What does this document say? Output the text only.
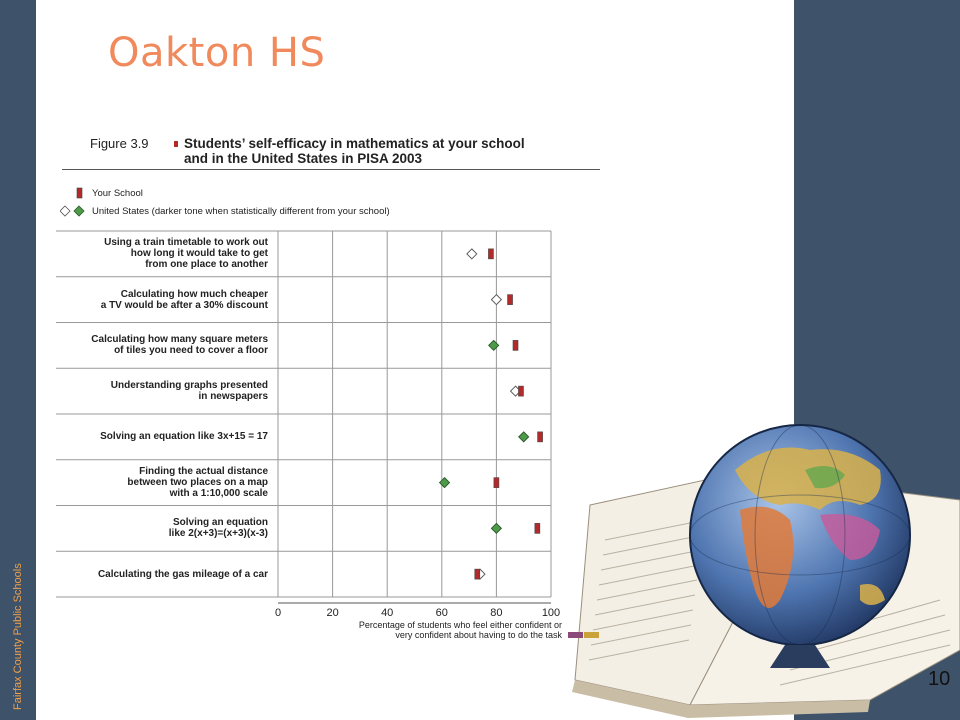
Fairfax County Public Schools
Oakton HS
Figure 3.9	Students’ self-efficacy in mathematics at your school
and in the United States in PISA 2003
Your School
United States (darker tone when statistically different from your school)
Using a train timetable to work out
how long it would take to get
from one place to another
Calculating how much cheaper
a TV would be after a 30% discount
Calculating how many square meters
of tiles you need to cover a floor
Understanding graphs presented
in newspapers
Solving an equation like 3x+15 = 17
Finding the actual distance
between two places on a map
with a 1:10,000 scale
Solving an equation
like 2(x+3)=(x+3)(x-3)
Calculating the gas mileage of a car
0	20	40	60	80	100
Percentage of students who feel either confident or
very confident about having to do the task
10
